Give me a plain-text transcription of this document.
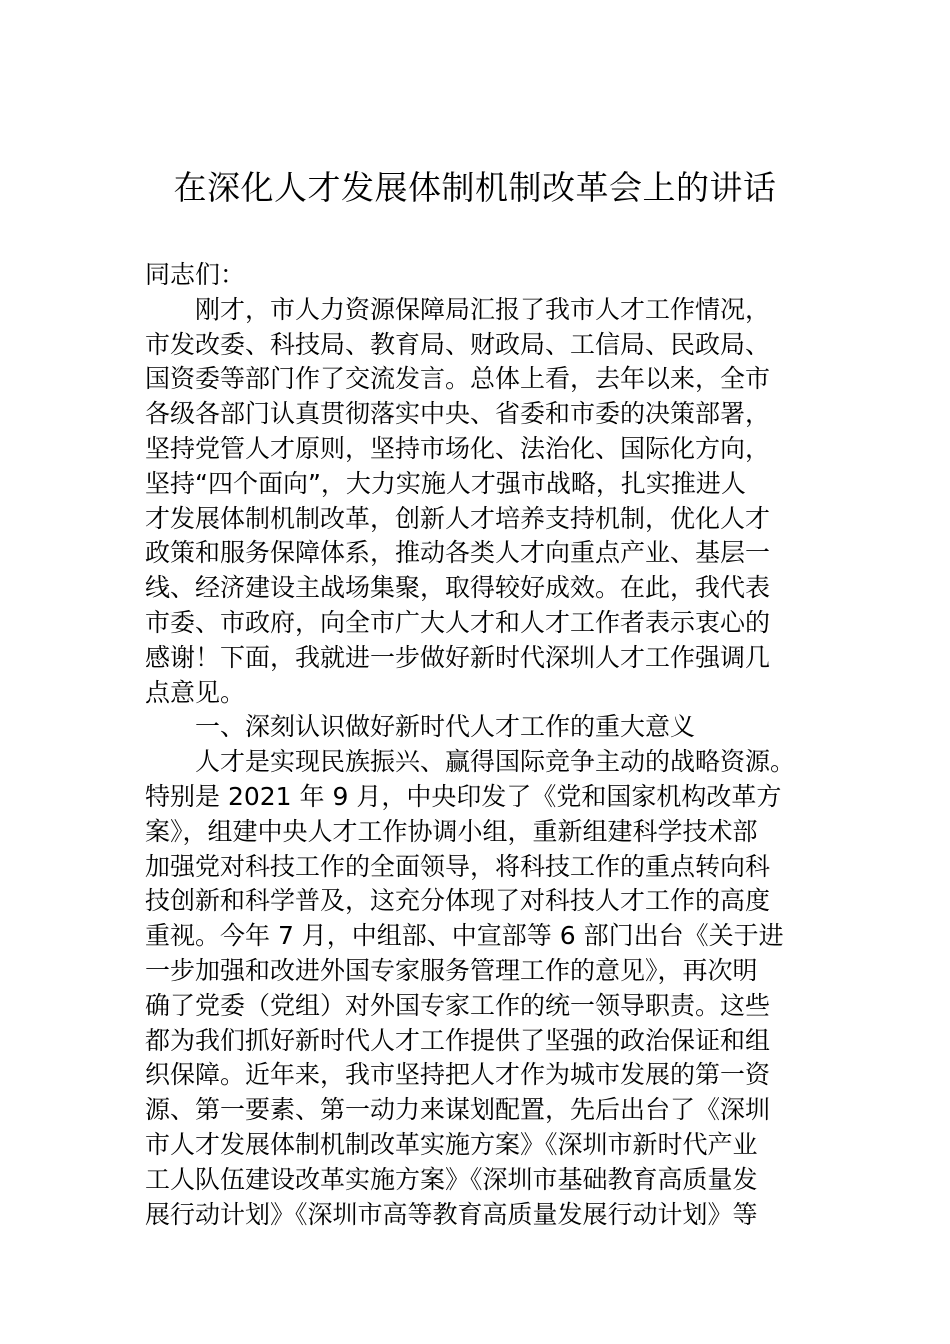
在深化人才发展体制机制改革会上的讲话
同志们：
刚才，市人力资源保障局汇报了我市人才工作情况，
市发改委、科技局、教育局、财政局、工信局、民政局、
国资委等部门作了交流发言。总体上看，去年以来，全市
各级各部门认真贯彻落实中央、省委和市委的决策部署，
坚持党管人才原则，坚持市场化、法治化、国际化方向，
坚持“四个面向”，大力实施人才强市战略，扎实推进人
才发展体制机制改革，创新人才培养支持机制，优化人才
政策和服务保障体系，推动各类人才向重点产业、基层一
线、经济建设主战场集聚，取得较好成效。在此，我代表
市委、市政府，向全市广大人才和人才工作者表示衷心的
感谢！下面，我就进一步做好新时代深圳人才工作强调几
点意见。
一、深刻认识做好新时代人才工作的重大意义
人才是实现民族振兴、赢得国际竞争主动的战略资源。
特别是 2021 年 9 月，中央印发了《党和国家机构改革方
案》，组建中央人才工作协调小组，重新组建科学技术部
加强党对科技工作的全面领导，将科技工作的重点转向科
技创新和科学普及，这充分体现了对科技人才工作的高度
重视。今年 7 月，中组部、中宣部等 6 部门出台《关于进
一步加强和改进外国专家服务管理工作的意见》，再次明
确了党委（党组）对外国专家工作的统一领导职责。这些
都为我们抓好新时代人才工作提供了坚强的政治保证和组
织保障。近年来，我市坚持把人才作为城市发展的第一资
源、第一要素、第一动力来谋划配置，先后出台了《深圳
市人才发展体制机制改革实施方案》《深圳市新时代产业
工人队伍建设改革实施方案》《深圳市基础教育高质量发
展行动计划》《深圳市高等教育高质量发展行动计划》等
